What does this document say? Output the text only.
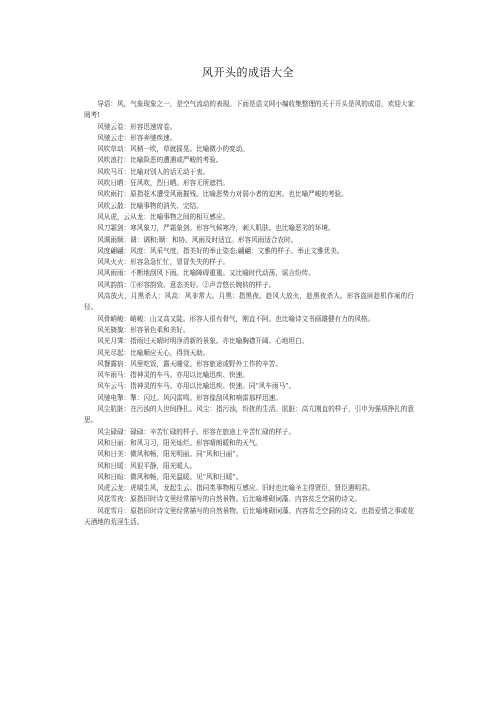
风开头的成语大全

导语：风，气象现象之一，是空气流动的表现。下面是语文网小编收集整理的关于开头是风的成语，欢迎大家阅考!

风驰云卷：形容迅速席卷。

风驰云走：形容奔驰疾速。

风吹草动：风稍一吹，草就摇晃。比喻微小的变动。

风吹浪打：比喻险恶的遭遇或严峻的考验。

风吹马耳：比喻对别人的话无动于衷。

风吹日晒：狂风吹，烈日晒。形容无所遮挡。

风吹雨打：原指花木遭受风雨摧残。比喻恶势力对弱小者的迫害。也比喻严峻的考验。

风吹云散：比喻事物的消失、完结。

风从虎，云从龙：比喻事物之间的相互感应。

风刀霜剑：寒风象刀，严霜象剑。形容气候寒冷，刺人肌肤。也比喻恶劣的环境。

风调雨顺：调：调和;顺：和协。风雨及时适宜。形容风雨适合农时。

风度翩翩：风度：风采气度，指美好的举止姿态;翩翩：文雅的样子。举止文雅优美。

风风火火：形容急急忙忙，冒冒失失的样子。

风风雨雨：不断地刮风下雨。比喻障碍重重。又比喻时代动荡，谣言纷传。

风风韵韵：①形容韵致、意态美好。②声音悠长婉转的样子。

风高放火，月黑杀人：风高：风非常大。月黑：指黑夜。趁风大放火，趁黑夜杀人。形容盗匪趁机作案的行径。

风骨峭峻：峭峻：山又高又陡。形容人很有骨气，刚直不阿。也比喻诗文书画雄健有力的风格。

风光旖旎：形容景色柔和美好。

风光月霁：指雨过天晴时明净清新的景象。亦比喻胸襟开阔、心地坦白。

风光尽起：比喻顺应天心，得到天助。

风餐露宿：风里吃饭，露天睡觉。形容旅途或野外工作的辛苦。

风车雨马：指神灵的车马。亦用以比喻迅疾、快速。

风车云马：指神灵的车马。亦用以比喻迅疾、快速。同“风车雨马”。

风驰电掣：掣：闪过。风闪雷鸣。形容像刮风和响雷那样迅速。

风尘肮脏：在污浊的人世间挣扎。风尘：指污浊，纷扰的生活。肮脏：高亢刚直的样子，引申为强项挣扎的意思。

风尘碌碌：碌碌：辛苦忙碌的样子。形容在旅途上辛苦忙碌的样子。

风和日丽：和风习习，阳光灿烂。形容晴朗暖和的天气。

风和日美：微风和畅，阳光明丽。同“风和日丽”。

风和日暖：风很平静，阳光暖人。

风和日暄：微风和畅，阳光温暖。见“风和日暖”。

风虎云龙：虎啸生风，龙起生云。指同类事物相互感应。旧时也比喻圣主得贤臣，贤臣遇明君。

风花雪夜：原指旧时诗文里经常描写的自然景物。后比喻堆砌词藻、内容贫乏空洞的诗文。

风花雪月：原指旧时诗文里经常描写的自然景物。后比喻堆砌词藻、内容贫乏空洞的诗文。也指爱情之事或花天酒地的荒淫生活。
